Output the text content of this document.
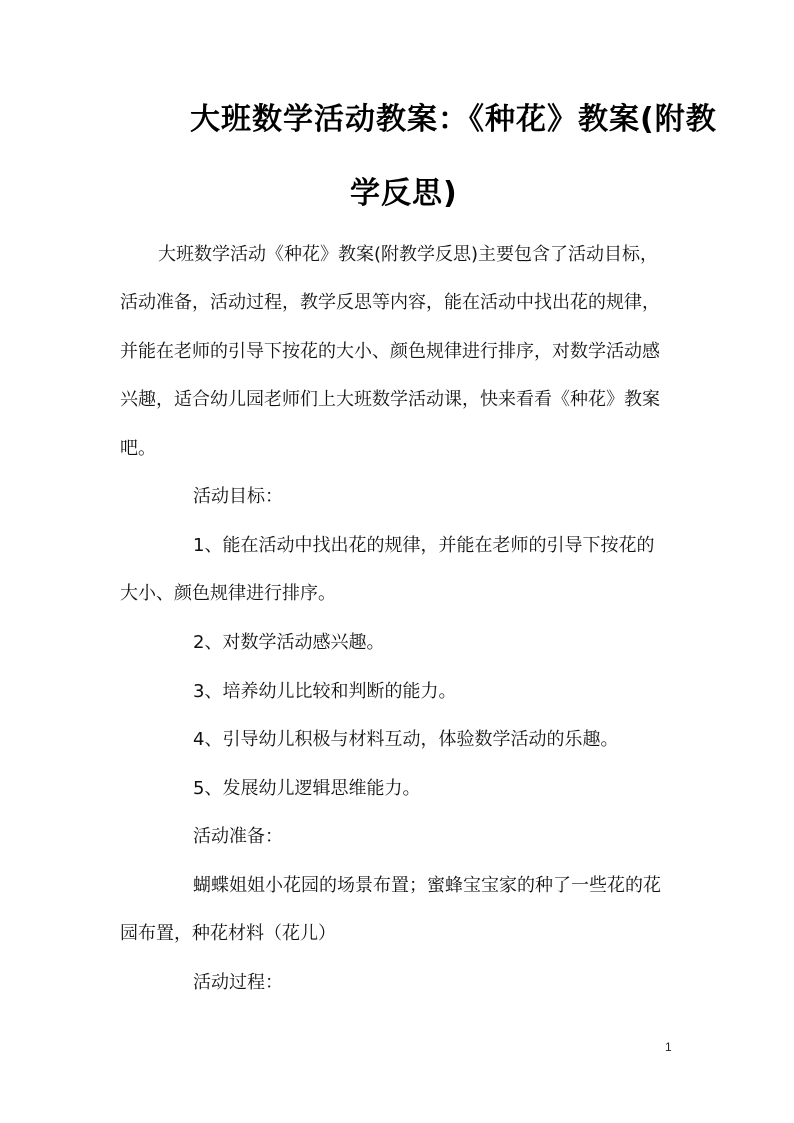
大班数学活动教案：《种花》教案(附教
学反思)
大班数学活动《种花》教案(附教学反思)主要包含了活动目标，
活动准备，活动过程，教学反思等内容，能在活动中找出花的规律，
并能在老师的引导下按花的大小、颜色规律进行排序，对数学活动感
兴趣，适合幼儿园老师们上大班数学活动课，快来看看《种花》教案
吧。
活动目标：
1、能在活动中找出花的规律，并能在老师的引导下按花的
大小、颜色规律进行排序。
2、对数学活动感兴趣。
3、培养幼儿比较和判断的能力。
4、引导幼儿积极与材料互动，体验数学活动的乐趣。
5、发展幼儿逻辑思维能力。
活动准备：
蝴蝶姐姐小花园的场景布置；蜜蜂宝宝家的种了一些花的花
园布置，种花材料（花儿）
活动过程：
1
